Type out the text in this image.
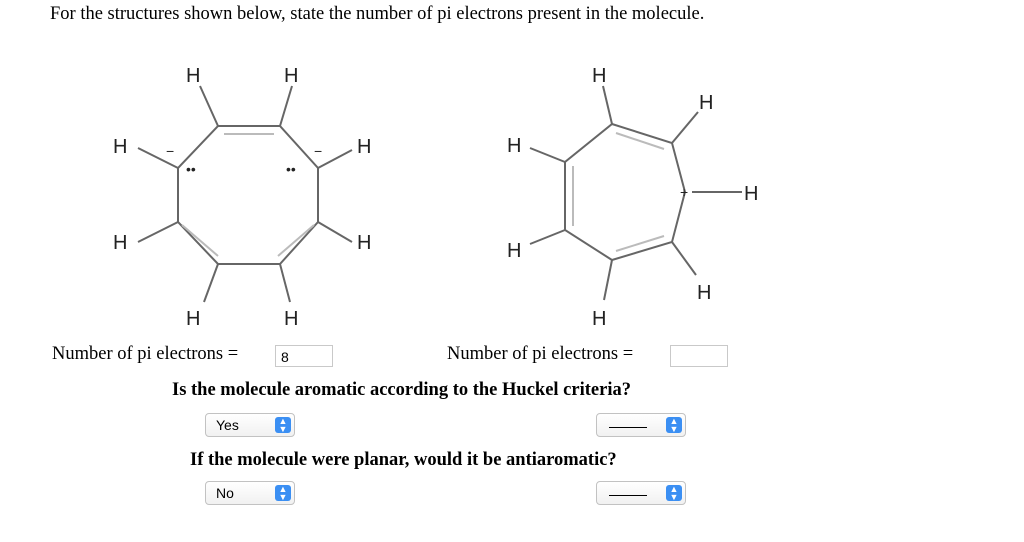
For the structures shown below, state the number of pi electrons present in the molecule.
H	H
H	H
H	H
H	H
−	−
••	••
H
H
H
H
H
H
H
+
Number of pi electrons =	8	Number of pi electrons =
Is the molecule aromatic according to the Huckel criteria?
Yes	▲
▼
▲
▼
If the molecule were planar, would it be antiaromatic?
No	▲
▼
▲
▼
